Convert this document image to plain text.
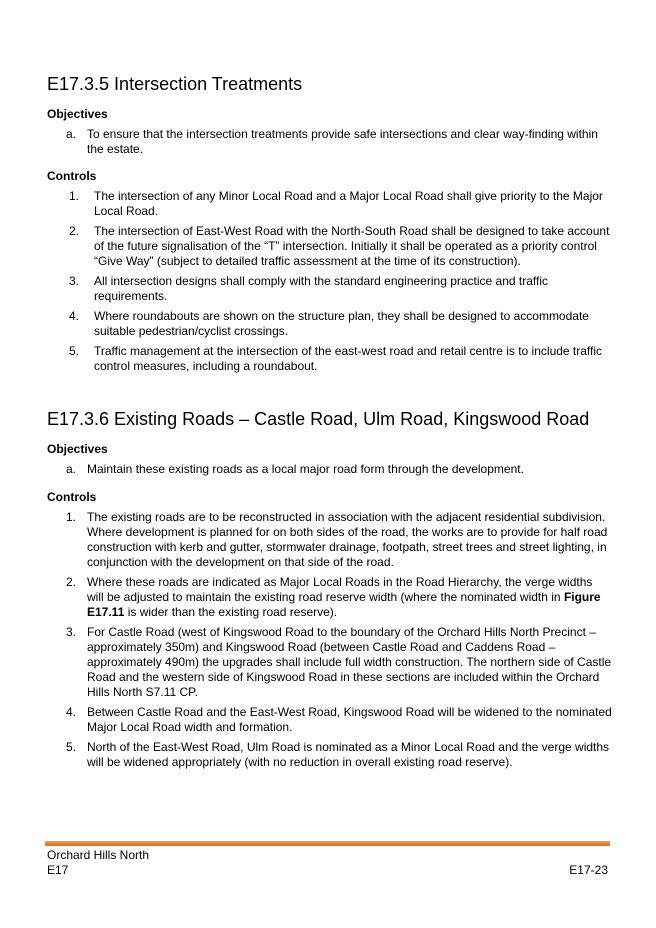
E17.3.5 Intersection Treatments
Objectives
a. To ensure that the intersection treatments provide safe intersections and clear way-finding within the estate.
Controls
1. The intersection of any Minor Local Road and a Major Local Road shall give priority to the Major Local Road.
2. The intersection of East-West Road with the North-South Road shall be designed to take account of the future signalisation of the “T” intersection. Initially it shall be operated as a priority control “Give Way” (subject to detailed traffic assessment at the time of its construction).
3. All intersection designs shall comply with the standard engineering practice and traffic requirements.
4. Where roundabouts are shown on the structure plan, they shall be designed to accommodate suitable pedestrian/cyclist crossings.
5. Traffic management at the intersection of the east-west road and retail centre is to include traffic control measures, including a roundabout.
E17.3.6 Existing Roads – Castle Road, Ulm Road, Kingswood Road
Objectives
a. Maintain these existing roads as a local major road form through the development.
Controls
1. The existing roads are to be reconstructed in association with the adjacent residential subdivision. Where development is planned for on both sides of the road, the works are to provide for half road construction with kerb and gutter, stormwater drainage, footpath, street trees and street lighting, in conjunction with the development on that side of the road.
2. Where these roads are indicated as Major Local Roads in the Road Hierarchy, the verge widths will be adjusted to maintain the existing road reserve width (where the nominated width in Figure E17.11 is wider than the existing road reserve).
3. For Castle Road (west of Kingswood Road to the boundary of the Orchard Hills North Precinct – approximately 350m) and Kingswood Road (between Castle Road and Caddens Road – approximately 490m) the upgrades shall include full width construction. The northern side of Castle Road and the western side of Kingswood Road in these sections are included within the Orchard Hills North S7.11 CP.
4. Between Castle Road and the East-West Road, Kingswood Road will be widened to the nominated Major Local Road width and formation.
5. North of the East-West Road, Ulm Road is nominated as a Minor Local Road and the verge widths will be widened appropriately (with no reduction in overall existing road reserve).
Orchard Hills North
E17	E17-23
